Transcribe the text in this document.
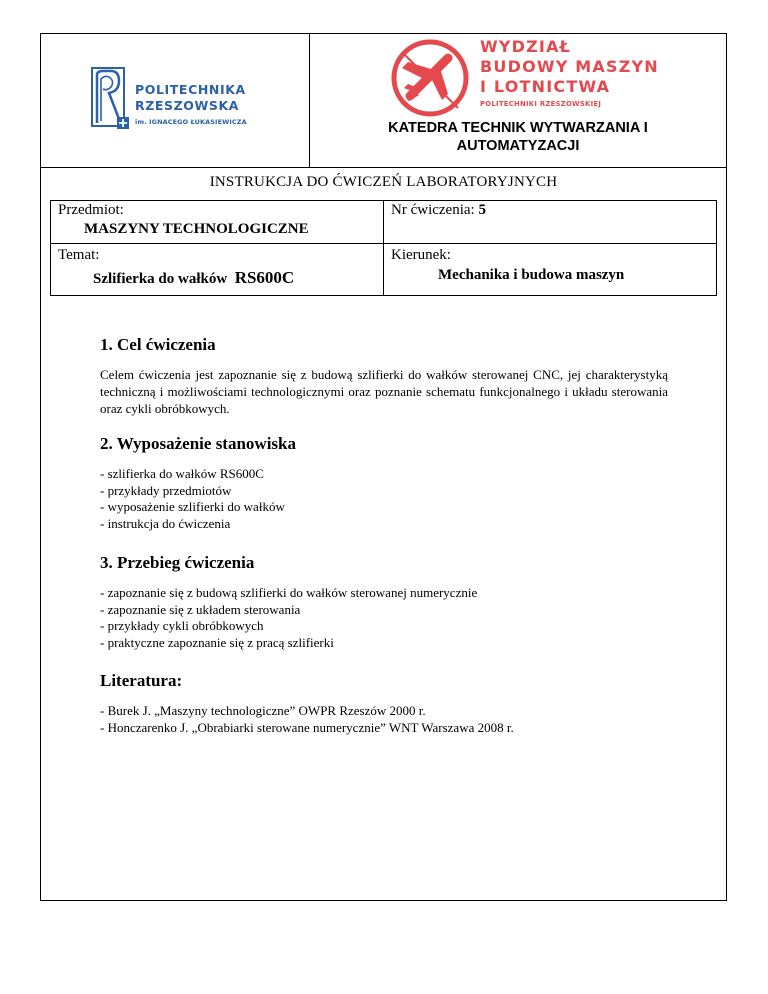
POLITECHNIKA
RZESZOWSKA
im. IGNACEGO ŁUKASIEWICZA
WYDZIAŁ
BUDOWY MASZYN
I LOTNICTWA
POLITECHNIKI RZESZOWSKIEJ
KATEDRA TECHNIK WYTWARZANIA I
AUTOMATYZACJI
INSTRUKCJA DO ĆWICZEŃ LABORATORYJNYCH
Przedmiot:
MASZYNY TECHNOLOGICZNE
Nr ćwiczenia: 5
Temat:
Szlifierka do wałków RS600C
Kierunek:
Mechanika i budowa maszyn
1. Cel ćwiczenia
Celem ćwiczenia jest zapoznanie się z budową szlifierki do wałków sterowanej CNC, jej charakterystyką techniczną i możliwościami technologicznymi oraz poznanie schematu funkcjonalnego i układu sterowania oraz cykli obróbkowych.
2. Wyposażenie stanowiska
- szlifierka do wałków RS600C
- przykłady przedmiotów
- wyposażenie szlifierki do wałków
- instrukcja do ćwiczenia
3. Przebieg ćwiczenia
- zapoznanie się z budową szlifierki do wałków sterowanej numerycznie
- zapoznanie się z układem sterowania
- przykłady cykli obróbkowych
- praktyczne zapoznanie się z pracą szlifierki
Literatura:
- Burek J. „Maszyny technologiczne” OWPR Rzeszów 2000 r.
- Honczarenko J. „Obrabiarki sterowane numerycznie” WNT Warszawa 2008 r.
